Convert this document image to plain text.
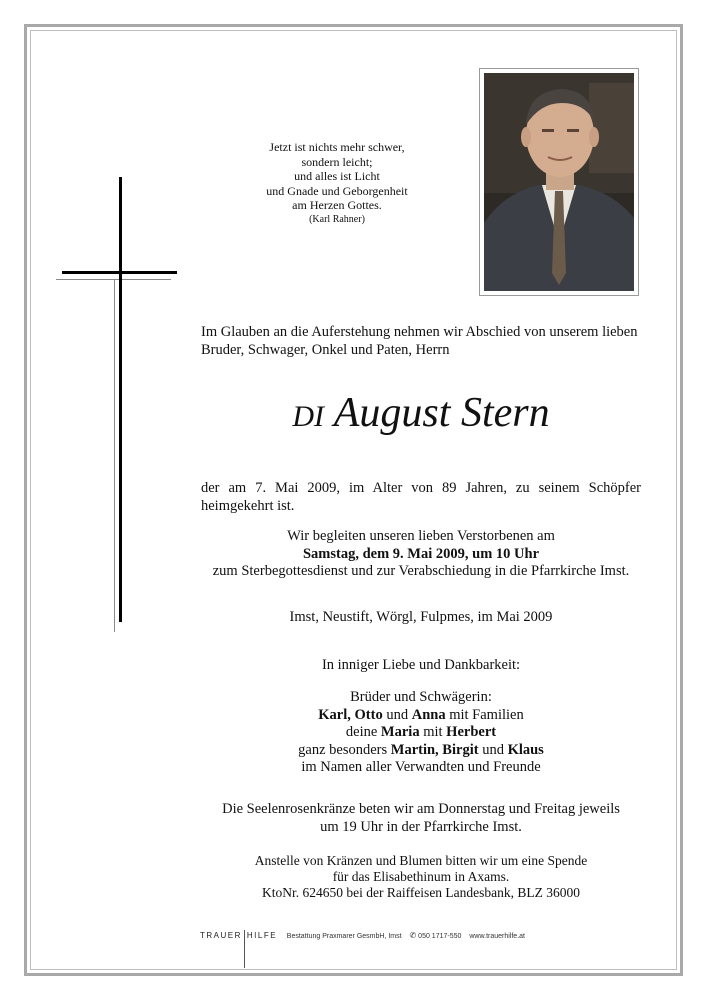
Jetzt ist nichts mehr schwer,
sondern leicht;
und alles ist Licht
und Gnade und Geborgenheit
am Herzen Gottes.
(Karl Rahner)
Im Glauben an die Auferstehung nehmen wir Abschied von unserem lieben Bruder, Schwager, Onkel und Paten, Herrn
DI August Stern
der am 7. Mai 2009, im Alter von 89 Jahren, zu seinem Schöpfer heimgekehrt ist.
Wir begleiten unseren lieben Verstorbenen am
Samstag, dem 9. Mai 2009, um 10 Uhr
zum Sterbegottesdienst und zur Verabschiedung in die Pfarrkirche Imst.
Imst, Neustift, Wörgl, Fulpmes, im Mai 2009
In inniger Liebe und Dankbarkeit:
Brüder und Schwägerin:
Karl, Otto und Anna mit Familien
deine Maria mit Herbert
ganz besonders Martin, Birgit und Klaus
im Namen aller Verwandten und Freunde
Die Seelenrosenkränze beten wir am Donnerstag und Freitag jeweils
um 19 Uhr in der Pfarrkirche Imst.
Anstelle von Kränzen und Blumen bitten wir um eine Spende
für das Elisabethinum in Axams.
KtoNr. 624650 bei der Raiffeisen Landesbank, BLZ 36000
TRAUER HILFE Bestattung Praxmarer GesmbH, Imst ✆ 050 1717-550 www.trauerhilfe.at
